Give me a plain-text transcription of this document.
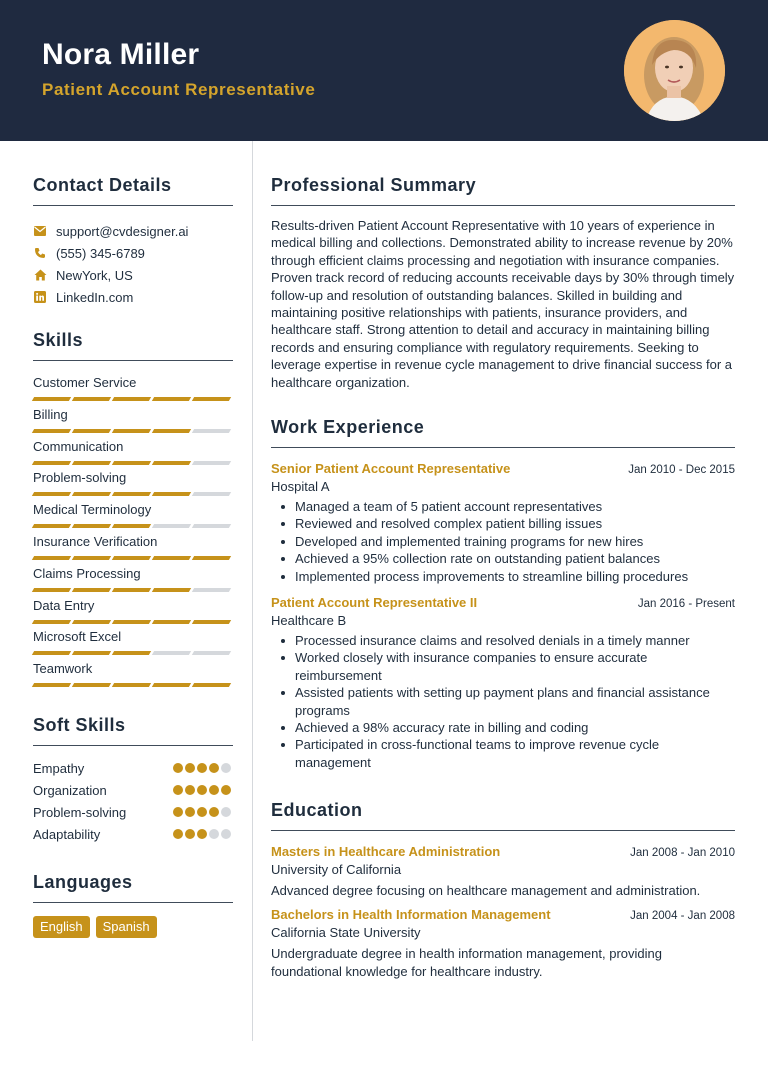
Nora Miller
Patient Account Representative
Contact Details
support@cvdesigner.ai
(555) 345-6789
NewYork, US
LinkedIn.com
Skills
Customer Service
Billing
Communication
Problem-solving
Medical Terminology
Insurance Verification
Claims Processing
Data Entry
Microsoft Excel
Teamwork
Soft Skills
Empathy
Organization
Problem-solving
Adaptability
Languages
English	Spanish
Professional Summary
Results-driven Patient Account Representative with 10 years of experience in medical billing and collections. Demonstrated ability to increase revenue by 20% through efficient claims processing and negotiation with insurance companies. Proven track record of reducing accounts receivable days by 30% through timely follow-up and resolution of outstanding balances. Skilled in building and maintaining positive relationships with patients, insurance providers, and healthcare staff. Strong attention to detail and accuracy in maintaining billing records and ensuring compliance with regulatory requirements. Seeking to leverage expertise in revenue cycle management to drive financial success for a healthcare organization.
Work Experience
Senior Patient Account Representative	Jan 2010 - Dec 2015
Hospital A
Managed a team of 5 patient account representatives
Reviewed and resolved complex patient billing issues
Developed and implemented training programs for new hires
Achieved a 95% collection rate on outstanding patient balances
Implemented process improvements to streamline billing procedures
Patient Account Representative II	Jan 2016 - Present
Healthcare B
Processed insurance claims and resolved denials in a timely manner
Worked closely with insurance companies to ensure accurate reimbursement
Assisted patients with setting up payment plans and financial assistance programs
Achieved a 98% accuracy rate in billing and coding
Participated in cross-functional teams to improve revenue cycle management
Education
Masters in Healthcare Administration	Jan 2008 - Jan 2010
University of California
Advanced degree focusing on healthcare management and administration.
Bachelors in Health Information Management	Jan 2004 - Jan 2008
California State University
Undergraduate degree in health information management, providing foundational knowledge for healthcare industry.
